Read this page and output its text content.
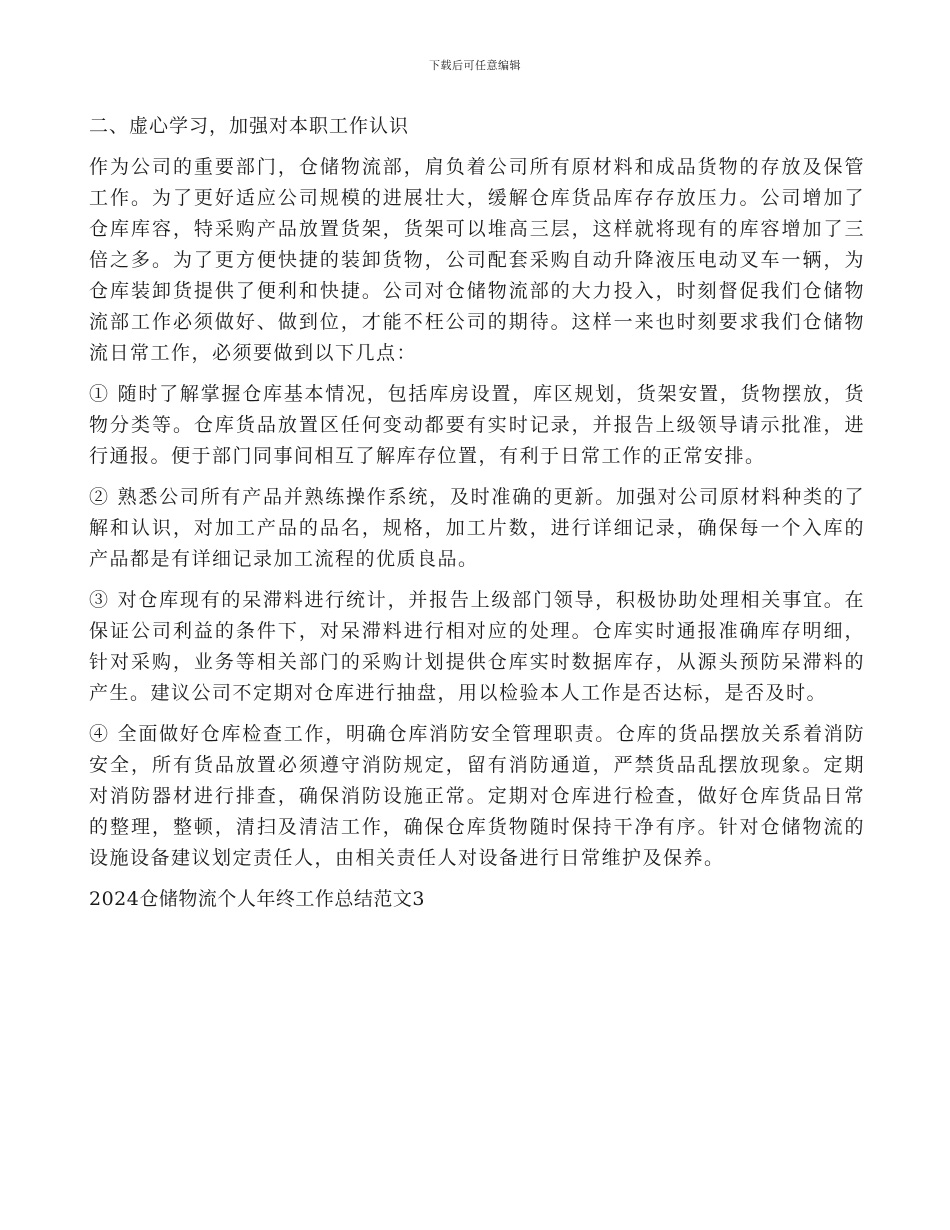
下载后可任意编辑

二、虚心学习，加强对本职工作认识

作为公司的重要部门，仓储物流部，肩负着公司所有原材料和成品货物的存放及保管工作。为了更好适应公司规模的进展壮大，缓解仓库货品库存存放压力。公司增加了仓库库容，特采购产品放置货架，货架可以堆高三层，这样就将现有的库容增加了三倍之多。为了更方便快捷的装卸货物，公司配套采购自动升降液压电动叉车一辆，为仓库装卸货提供了便利和快捷。公司对仓储物流部的大力投入，时刻督促我们仓储物流部工作必须做好、做到位，才能不枉公司的期待。这样一来也时刻要求我们仓储物流日常工作，必须要做到以下几点：

① 随时了解掌握仓库基本情况，包括库房设置，库区规划，货架安置，货物摆放，货物分类等。仓库货品放置区任何变动都要有实时记录，并报告上级领导请示批准，进行通报。便于部门同事间相互了解库存位置，有利于日常工作的正常安排。

② 熟悉公司所有产品并熟练操作系统，及时准确的更新。加强对公司原材料种类的了解和认识，对加工产品的品名，规格，加工片数，进行详细记录，确保每一个入库的产品都是有详细记录加工流程的优质良品。

③ 对仓库现有的呆滞料进行统计，并报告上级部门领导，积极协助处理相关事宜。在保证公司利益的条件下，对呆滞料进行相对应的处理。仓库实时通报准确库存明细，针对采购，业务等相关部门的采购计划提供仓库实时数据库存，从源头预防呆滞料的产生。建议公司不定期对仓库进行抽盘，用以检验本人工作是否达标，是否及时。

④ 全面做好仓库检查工作，明确仓库消防安全管理职责。仓库的货品摆放关系着消防安全，所有货品放置必须遵守消防规定，留有消防通道，严禁货品乱摆放现象。定期对消防器材进行排查，确保消防设施正常。定期对仓库进行检查，做好仓库货品日常的整理，整顿，清扫及清洁工作，确保仓库货物随时保持干净有序。针对仓储物流的设施设备建议划定责任人，由相关责任人对设备进行日常维护及保养。

2024仓储物流个人年终工作总结范文3
